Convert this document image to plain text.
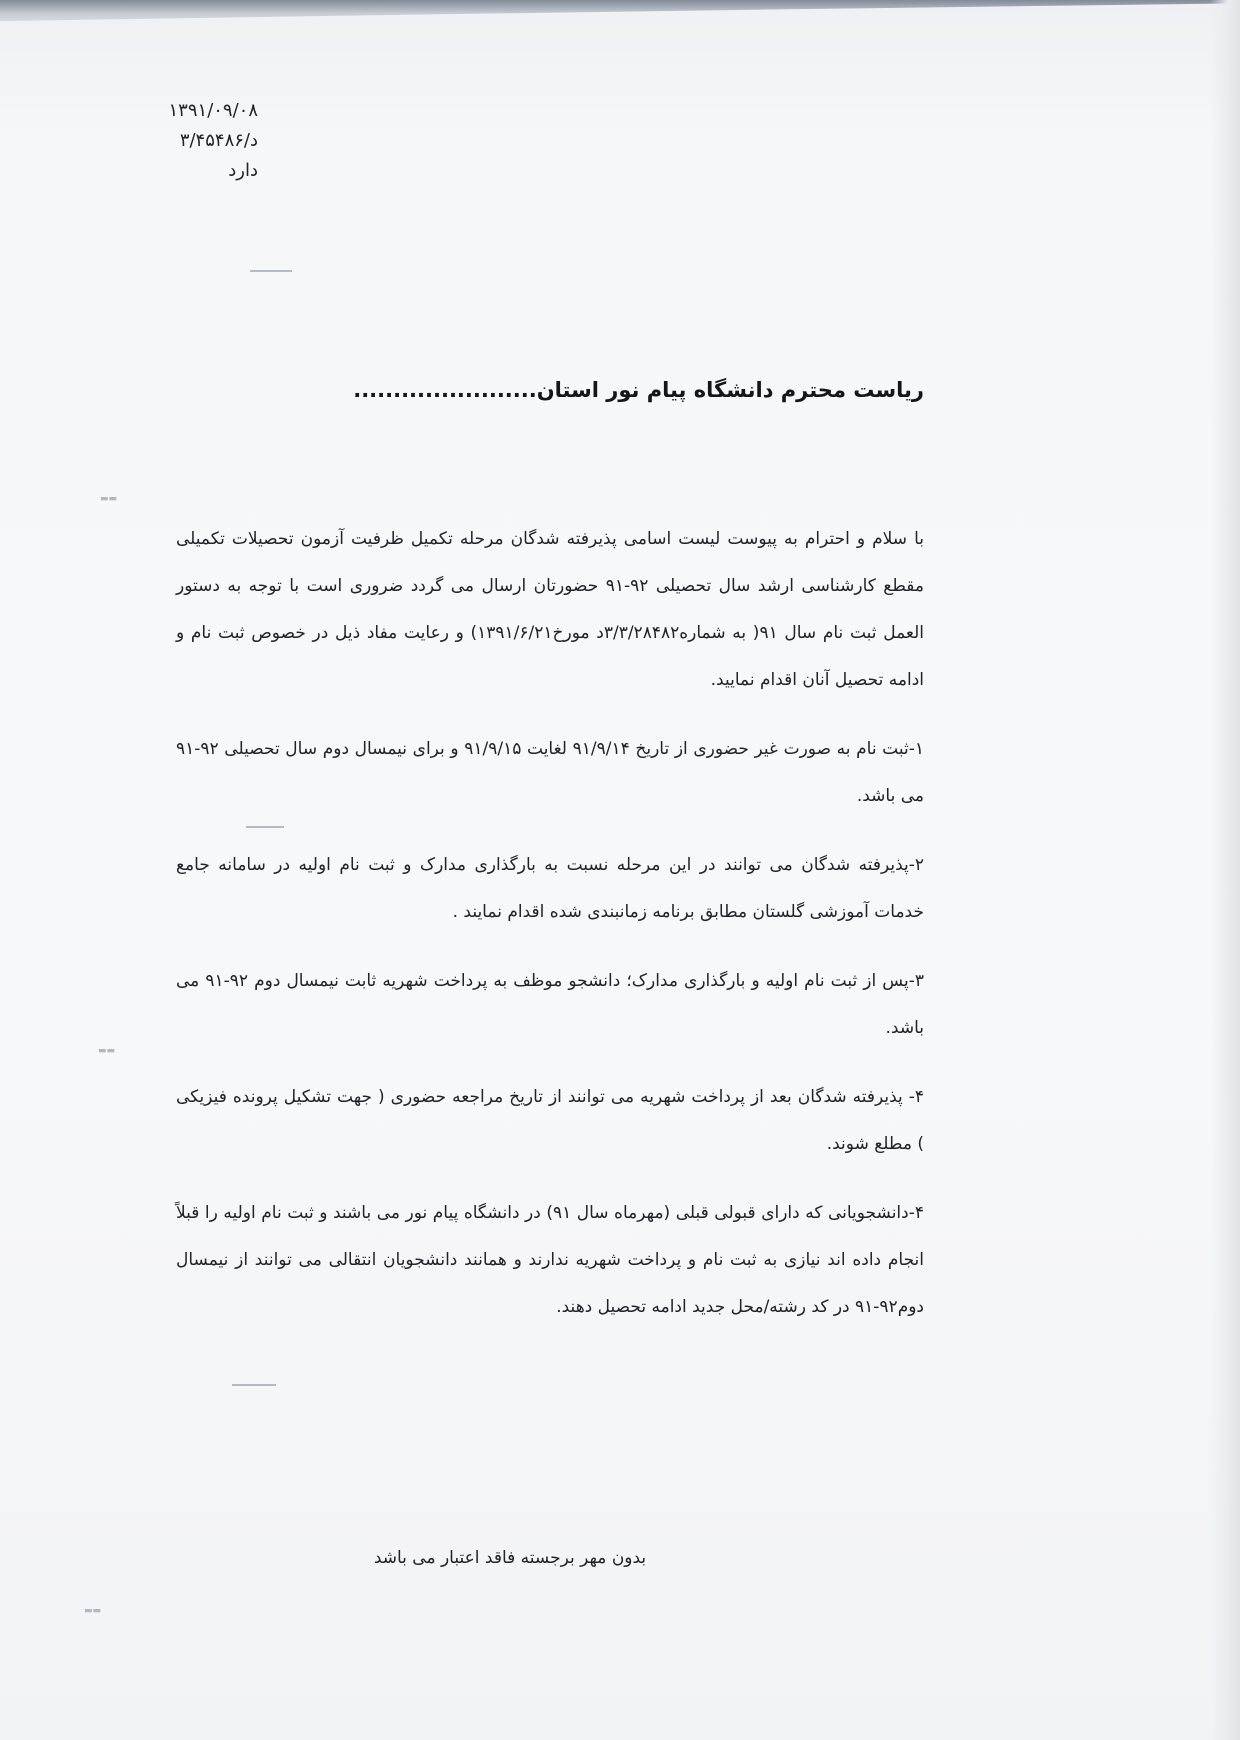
۱۳۹۱/۰۹/۰۸
د/۳/۴۵۴۸۶
دارد
▬▬
▬▬
▬▬
ریاست محترم دانشگاه پیام نور استان.......................

با سلام و احترام به پیوست لیست اسامی پذیرفته شدگان مرحله تکمیل ظرفیت آزمون تحصیلات تکمیلی مقطع کارشناسی ارشد سال تحصیلی ۹۲-۹۱ حضورتان ارسال می گردد ضروری است با توجه به دستور العمل ثبت نام سال ۹۱( به شماره۳/۳/۲۸۴۸۲د مورخ۱۳۹۱/۶/۲۱) و رعایت مفاد ذیل در خصوص ثبت نام و ادامه تحصیل آنان اقدام نمایید.

۱-ثبت نام به صورت غیر حضوری از تاریخ ۹۱/۹/۱۴ لغایت ۹۱/۹/۱۵ و برای نیمسال دوم سال تحصیلی ۹۲-۹۱ می باشد.

۲-پذیرفته شدگان می توانند در این مرحله نسبت به بارگذاری مدارک و ثبت نام اولیه در سامانه جامع خدمات آموزشی گلستان مطابق برنامه زمانبندی شده اقدام نمایند .

۳-پس از ثبت نام اولیه و بارگذاری مدارک؛ دانشجو موظف به پرداخت شهریه ثابت نیمسال دوم ۹۲-۹۱ می باشد.

۴- پذیرفته شدگان بعد از پرداخت شهریه می توانند از تاریخ مراجعه حضوری ( جهت تشکیل پرونده فیزیکی ) مطلع شوند.

۴-دانشجویانی که دارای قبولی قبلی (مهرماه سال ۹۱) در دانشگاه پیام نور می باشند و ثبت نام اولیه را قبلاً انجام داده اند نیازی به ثبت نام و پرداخت شهریه ندارند و همانند دانشجویان انتقالی می توانند از نیمسال دوم۹۲-۹۱ در کد رشته/محل جدید ادامه تحصیل دهند.

بدون مهر برجسته فاقد اعتبار می باشد
